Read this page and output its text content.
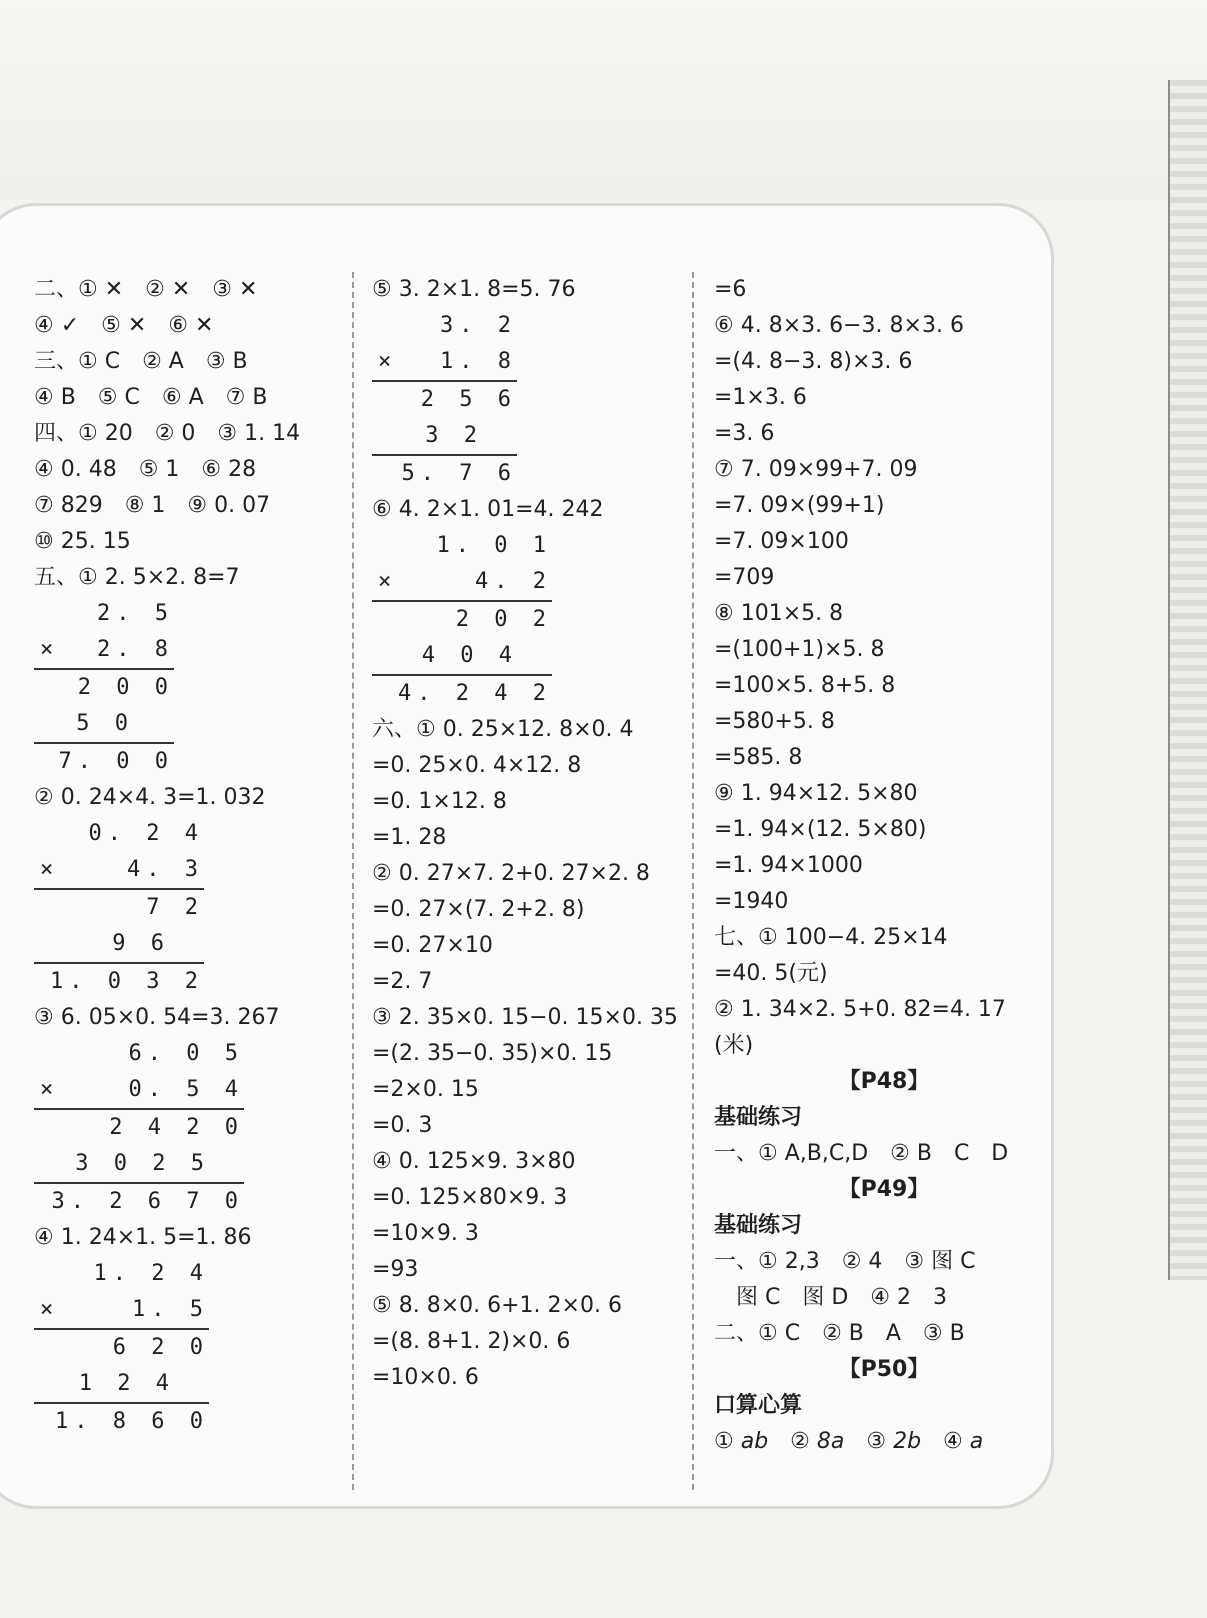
二、① ✕　② ✕　③ ✕
④ ✓　⑤ ✕　⑥ ✕
三、① C　② A　③ B
④ B　⑤ C　⑥ A　⑦ B
四、① 20　② 0　③ 1. 14
④ 0. 48　⑤ 1　⑥ 28
⑦ 829　⑧ 1　⑨ 0. 07
⑩ 25. 15
五、① 2. 5×2. 8=7
2. 5
× 2. 8
2 0 0
5 0
7. 0 0
② 0. 24×4. 3=1. 032
0. 2 4
×	4. 3
7 2
9 6
1. 0 3 2
③ 6. 05×0. 54=3. 267
6. 0 5
×	0. 5 4
2 4 2 0
3 0 2 5
3. 2 6 7 0
④ 1. 24×1. 5=1. 86
1. 2 4
×	1. 5
6 2 0
1 2 4
1. 8 6 0
⑤ 3. 2×1. 8=5. 76
3. 2
× 1. 8
2 5 6
3 2
5. 7 6
⑥ 4. 2×1. 01=4. 242
1. 0 1
×	4. 2
2 0 2
4 0 4
4. 2 4 2
六、① 0. 25×12. 8×0. 4
=0. 25×0. 4×12. 8
=0. 1×12. 8
=1. 28
② 0. 27×7. 2+0. 27×2. 8
=0. 27×(7. 2+2. 8)
=0. 27×10
=2. 7
③ 2. 35×0. 15−0. 15×0. 35
=(2. 35−0. 35)×0. 15
=2×0. 15
=0. 3
④ 0. 125×9. 3×80
=0. 125×80×9. 3
=10×9. 3
=93
⑤ 8. 8×0. 6+1. 2×0. 6
=(8. 8+1. 2)×0. 6
=10×0. 6
=6
⑥ 4. 8×3. 6−3. 8×3. 6
=(4. 8−3. 8)×3. 6
=1×3. 6
=3. 6
⑦ 7. 09×99+7. 09
=7. 09×(99+1)
=7. 09×100
=709
⑧ 101×5. 8
=(100+1)×5. 8
=100×5. 8+5. 8
=580+5. 8
=585. 8
⑨ 1. 94×12. 5×80
=1. 94×(12. 5×80)
=1. 94×1000
=1940
七、① 100−4. 25×14
=40. 5(元)
② 1. 34×2. 5+0. 82=4. 17
(米)
【P48】
基础练习
一、① A,B,C,D　② B　C　D
【P49】
基础练习
一、① 2,3　② 4　③ 图 C
　图 C　图 D　④ 2　3
二、① C　② B　A　③ B
【P50】
口算心算
① ab　② 8a　③ 2b　④ a
